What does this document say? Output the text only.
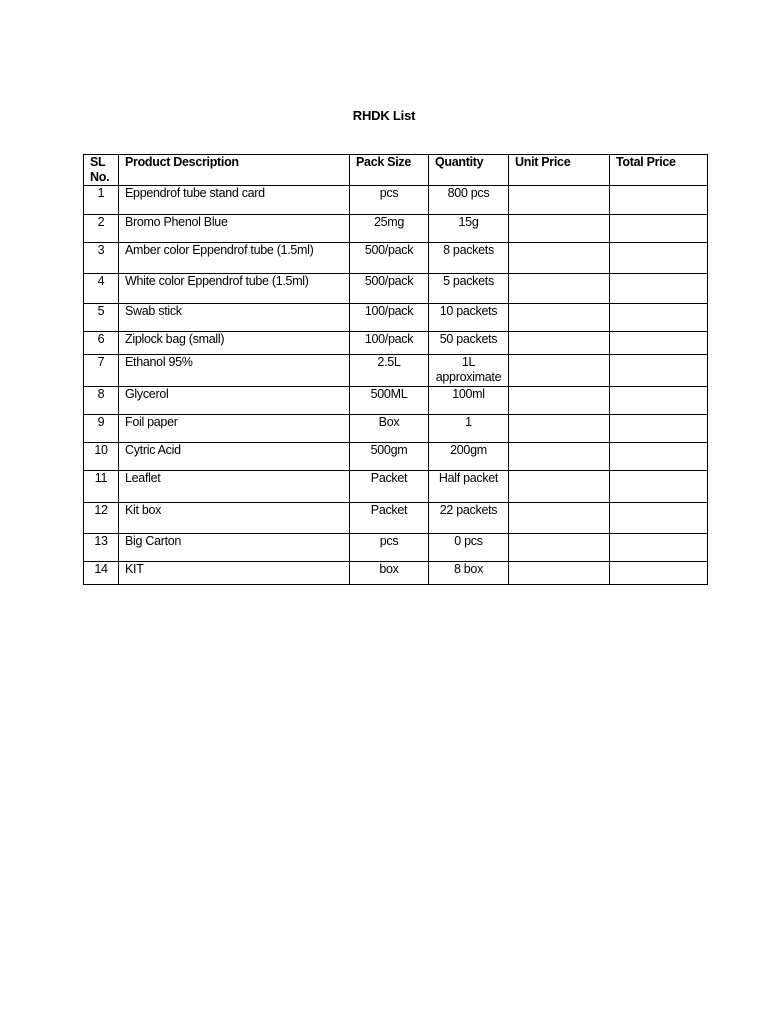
RHDK List
SL No.	Product Description	Pack Size	Quantity	Unit Price	Total Price
1	Eppendrof tube stand card	pcs	800 pcs		
2	Bromo Phenol Blue	25mg	15g		
3	Amber color Eppendrof tube (1.5ml)	500/pack	8 packets		
4	White color Eppendrof tube (1.5ml)	500/pack	5 packets		
5	Swab stick	100/pack	10 packets		
6	Ziplock bag (small)	100/pack	50 packets		
7	Ethanol 95%	2.5L	1L approximate		
8	Glycerol	500ML	100ml		
9	Foil paper	Box	1		
10	Cytric Acid	500gm	200gm		
11	Leaflet	Packet	Half packet		
12	Kit box	Packet	22 packets		
13	Big Carton	pcs	0 pcs		
14	KIT	box	8 box		
